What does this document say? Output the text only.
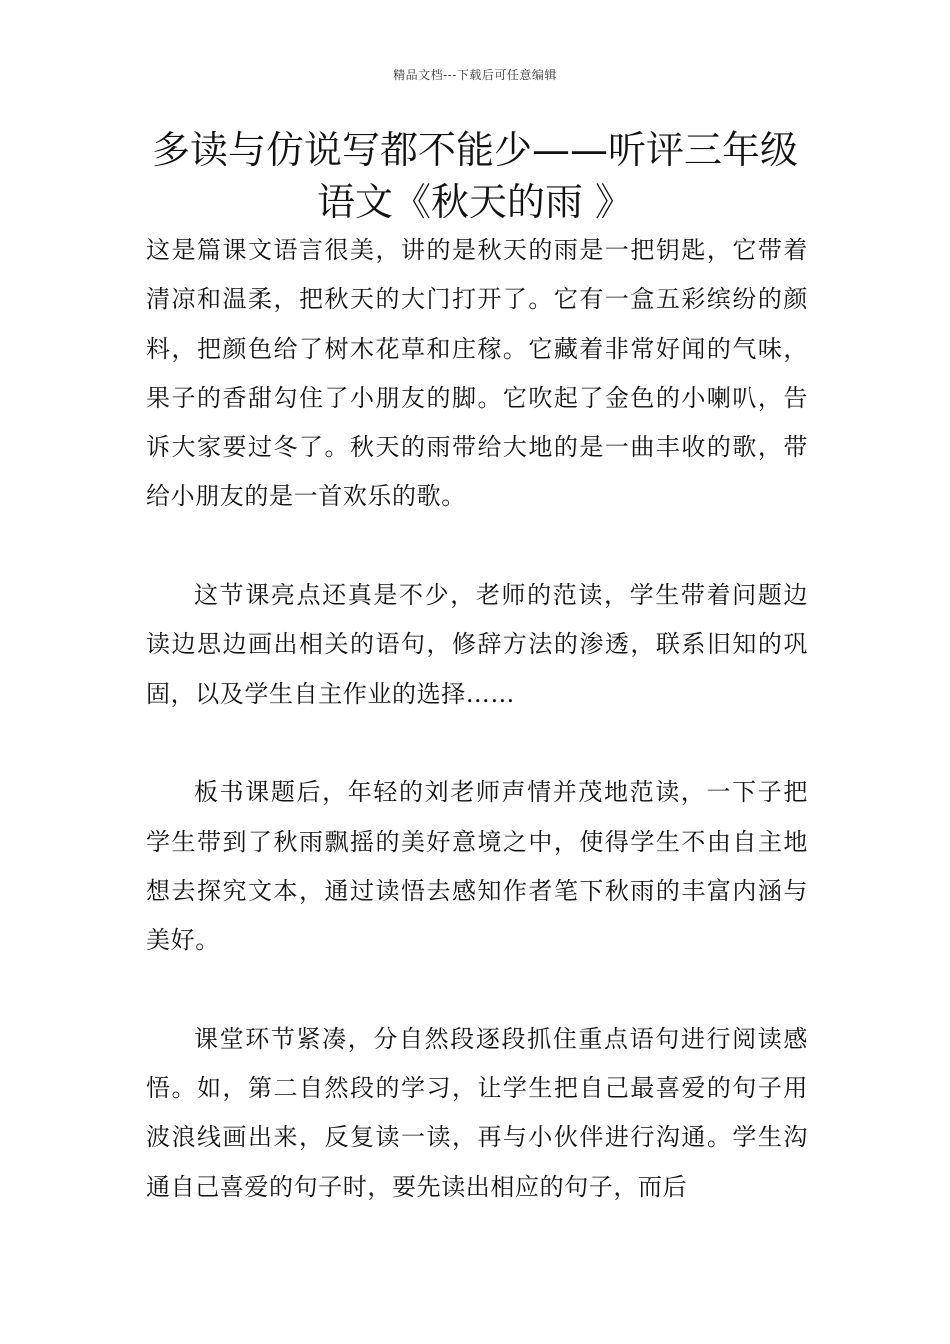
精品文档---下载后可任意编辑
多读与仿说写都不能少——听评三年级语文《秋天的雨 》

这是篇课文语言很美，讲的是秋天的雨是一把钥匙，它带着清凉和温柔，把秋天的大门打开了。它有一盒五彩缤纷的颜料，把颜色给了树木花草和庄稼。它藏着非常好闻的气味，果子的香甜勾住了小朋友的脚。它吹起了金色的小喇叭，告诉大家要过冬了。秋天的雨带给大地的是一曲丰收的歌，带给小朋友的是一首欢乐的歌。

这节课亮点还真是不少，老师的范读，学生带着问题边读边思边画出相关的语句，修辞方法的渗透，联系旧知的巩固，以及学生自主作业的选择……

板书课题后，年轻的刘老师声情并茂地范读，一下子把学生带到了秋雨飘摇的美好意境之中，使得学生不由自主地想去探究文本，通过读悟去感知作者笔下秋雨的丰富内涵与美好。

课堂环节紧凑，分自然段逐段抓住重点语句进行阅读感悟。如，第二自然段的学习，让学生把自己最喜爱的句子用波浪线画出来，反复读一读，再与小伙伴进行沟通。学生沟通自己喜爱的句子时，要先读出相应的句子，而后
